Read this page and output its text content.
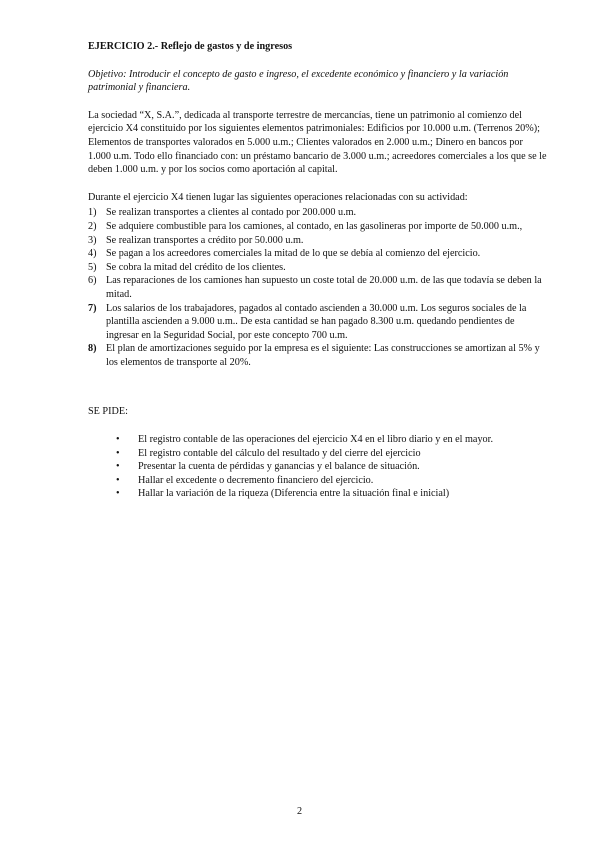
EJERCICIO 2.- Reflejo de gastos y de ingresos

Objetivo: Introducir el concepto de gasto e ingreso, el excedente económico y financiero y la variación patrimonial y financiera.

La sociedad “X, S.A.”, dedicada al transporte terrestre de mercancías, tiene un patrimonio al comienzo del ejercicio X4 constituido por los siguientes elementos patrimoniales: Edificios por 10.000 u.m. (Terrenos 20%); Elementos de transportes valorados en 5.000 u.m.; Clientes valorados en 2.000 u.m.; Dinero en bancos por 1.000 u.m. Todo ello financiado con: un préstamo bancario de 3.000 u.m.; acreedores comerciales a los que se le deben 1.000 u.m. y por los socios como aportación al capital.

Durante el ejercicio X4 tienen lugar las siguientes operaciones relacionadas con su actividad:

1) Se realizan transportes a clientes al contado por 200.000 u.m.
2) Se adquiere combustible para los camiones, al contado, en las gasolineras por importe de 50.000 u.m.,
3) Se realizan transportes a crédito por 50.000 u.m.
4) Se pagan a los acreedores comerciales la mitad de lo que se debía al comienzo del ejercicio.
5) Se cobra la mitad del crédito de los clientes.
6) Las reparaciones de los camiones han supuesto un coste total de 20.000 u.m. de las que todavía se deben la mitad.
7) Los salarios de los trabajadores, pagados al contado ascienden a 30.000 u.m. Los seguros sociales de la plantilla ascienden a 9.000 u.m.. De esta cantidad se han pagado 8.300 u.m. quedando pendientes de ingresar en la Seguridad Social, por este concepto 700 u.m.
8) El plan de amortizaciones seguido por la empresa es el siguiente: Las construcciones se amortizan al 5% y los elementos de transporte al 20%.

SE PIDE:

•	El registro contable de las operaciones del ejercicio X4 en el libro diario y en el mayor.
•	El registro contable del cálculo del resultado y del cierre del ejercicio
•	Presentar la cuenta de pérdidas y ganancias y el balance de situación.
•	Hallar el excedente o decremento financiero del ejercicio.
•	Hallar la variación de la riqueza (Diferencia entre la situación final e inicial)
2
